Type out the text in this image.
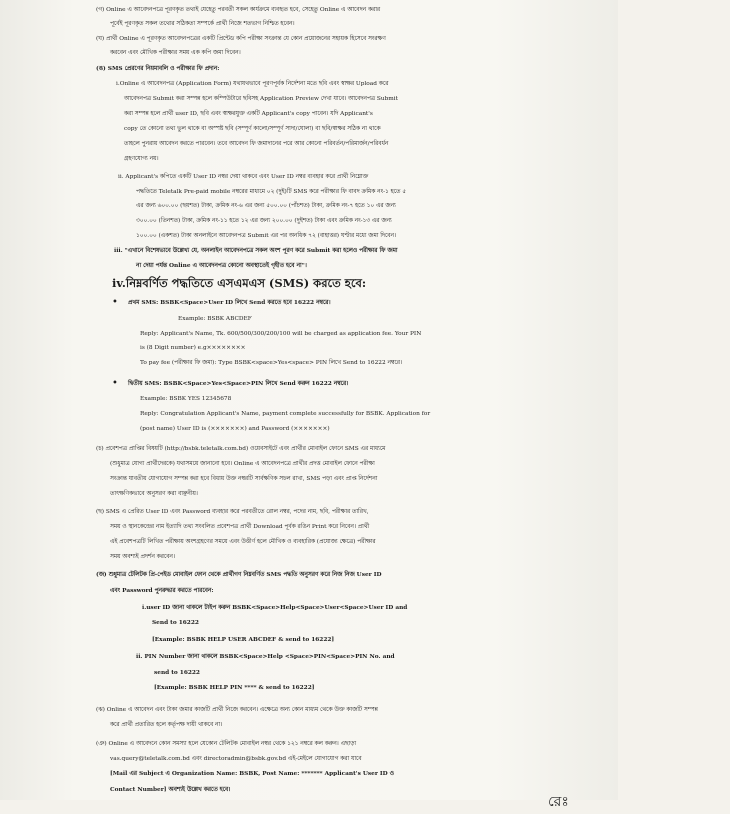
(গ) Online এ আবেদনপত্রে পূরণকৃত তথ্যই যেহেতু পরবর্তী সকল কার্যক্রমে ব্যবহৃত হবে, সেহেতু Online এ আবেদন করার
পূর্বেই পূরণকৃত সকল তথ্যের সঠিকতা সম্পর্কে প্রার্থী নিজে শতভাগ নিশ্চিত হবেন।
(ঘ) প্রার্থী Online এ পূরণকৃত আবেদনপত্রের একটি প্রিন্টেড কপি পরীক্ষা সংক্রান্ত যে কোন প্রয়োজনের সহায়ক হিসেবে সংরক্ষণ
করবেন এবং মৌখিক পরীক্ষার সময় এক কপি জমা দিবেন।
(ঙ) SMS প্রেরণের নিয়মাবলি ও পরীক্ষার ফি প্রদান:
i.Online এ আবেদনপত্র (Application Form) যথাযথভাবে পূরণপূর্বক নির্দেশনা মতে ছবি এবং স্বাক্ষর Upload করে
আবেদনপত্র Submit করা সম্পন্ন হলে কম্পিউটারে ছবিসহ Application Preview দেখা যাবে। আবেদনপত্র Submit
করা সম্পন্ন হলে প্রার্থী user ID, ছবি এবং স্বাক্ষরযুক্ত একটি Applicant's copy পাবেন। যদি Applicant's
copy তে কোনো তথ্য ভুল থাকে বা অস্পষ্ট ছবি (সম্পূর্ণ কালো/সম্পূর্ণ সাদা/ঘোলা) বা ছবি/স্বাক্ষর সঠিক না থাকে
তাহলে পুনরায় আবেদন করতে পারবেন। তবে আবেদন ফি জমাদানের পরে আর কোনো পরিবর্তন/পরিমার্জন/পরিবর্ধন
গ্রহণযোগ্য নয়।
ii. Applicant's কপিতে একটি User ID নম্বর দেয়া থাকবে এবং User ID নম্বর ব্যবহার করে প্রার্থী নিম্নোক্ত
পদ্ধতিতে Teletalk Pre-paid mobile নম্বরের মাধ্যমে ০২ (দুই)টি SMS করে পরীক্ষার ফি বাবদ ক্রমিক নং-১ হতে ৫
এর জন্য ৬০০.০০ (ছয়শত) টাকা, ক্রমিক নং-৬ এর জন্য ৫০০.০০ (পাঁচশত) টাকা, ক্রমিক নং-৭ হতে ১০ এর জন্য
৩০০.০০ (তিনশত) টাকা, ক্রমিক নং-১১ হতে ১২ এর জন্য ২০০.০০ (দুইশত) টাকা এবং ক্রমিক নং-১৩ এর জন্য
১০০.০০ (একশত) টাকা অনলাইনে আবেদনপত্র Submit এর পর অনধিক ৭২ (বাহাত্তর) ঘণ্টার মধ্যে জমা দিবেন।
iii. "এখানে বিশেষভাবে উল্লেখ্য যে, অনলাইন আবেদনপত্রে সকল অংশ পূরণ করে Submit করা হলেও পরীক্ষার ফি জমা
না দেয়া পর্যন্ত Online এ আবেদনপত্র কোনো অবস্থাতেই গৃহীত হবে না"।
প্রথম SMS: BSBK<Space>User ID লিখে Send করতে হবে 16222 নম্বরে।
Example: BSBK ABCDEF
Reply: Applicant's Name, Tk. 600/500/300/200/100 will be charged as application fee. Your PIN
is (8 Digit number) e.g××××××××
To pay fee (পরীক্ষার ফি জমা): Type BSBK<space>Yes<space> PIN লিখে Send to 16222 নম্বরে।
দ্বিতীয় SMS: BSBK<Space>Yes<Space>PIN লিখে Send করুন 16222 নম্বরে।
Example: BSBK YES 12345678
Reply: Congratulation Applicant's Name, payment complete successfully for BSBK. Application for
(post name) User ID is (×××××××) and Password (×××××××)
(চ) প্রবেশপত্র প্রাপ্তির বিষয়টি (http://bsbk.teletalk.com.bd) ওয়েবসাইটে এবং প্রার্থীর মোবাইল ফোনে SMS এর মাধ্যমে
(শুধুমাত্র যোগ্য প্রার্থীদেরকে) যথাসময়ে জানানো হবে। Online এ আবেদনপত্রে প্রার্থীর প্রদত্ত মোবাইল ফোনে পরীক্ষা
সংক্রান্ত যাবতীয় যোগাযোগ সম্পন্ন করা হবে বিধায় উক্ত নম্বরটি সার্বক্ষণিক সচল রাখা, SMS পড়া এবং প্রাপ্ত নির্দেশনা
তাৎক্ষণিকভাবে অনুসরণ করা বাঞ্ছনীয়।
(ছ) SMS এ প্রেরিত User ID এবং Password ব্যবহার করে পরবর্তীতে রোল নম্বর, পদের নাম, ছবি, পরীক্ষার তারিখ,
সময় ও স্থানকেন্দ্রের নাম ইত্যাদি তথ্য সংবলিত প্রবেশপত্র প্রার্থী Download পূর্বক রঙিন Print করে নিবেন। প্রার্থী
এই প্রবেশপত্রটি লিখিত পরীক্ষায় অংশগ্রহণের সময়ে এবং উত্তীর্ণ হলে মৌখিক ও ব্যবহারিক (প্রযোজ্য ক্ষেত্রে) পরীক্ষার
সময় অবশ্যই প্রদর্শন করবেন।
(জ) শুধুমাত্র টেলিটক প্রি-পেইড মোবাইল ফোন থেকে প্রার্থীগণ নিম্নবর্ণিত SMS পদ্ধতি অনুসরণ করে নিজ নিজ User ID
এবং Password পুনরুদ্ধার করতে পারবেন:
i.user ID জানা থাকলে টাইপ করুন BSBK<Space>Help<Space>User<Space>User ID and
Send to 16222
[Example: BSBK HELP USER ABCDEF & send to 16222]
ii. PIN Number জানা থাকলে BSBK<Space>Help <Space>PIN<Space>PIN No. and
send to 16222
[Example: BSBK HELP PIN **** & send to 16222]
(ঝ) Online এ আবেদন এবং টাকা জমার কাজটি প্রার্থী নিজে করবেন। এক্ষেত্রে অন্য কোন মাধ্যম থেকে উক্ত কাজটি সম্পন্ন
করে প্রার্থী প্রতারিত হলে কর্তৃপক্ষ দায়ী থাকবে না।
(ঞ) Online এ আবেদনে কোন সমস্যা হলে যেকোন টেলিটক মোবাইল নম্বর থেকে ১২১ নম্বরে কল করুন। এছাড়া
vas.query@teletalk.com.bd এবং directoradmin@bsbk.gov.bd এই-মেইলে যোগাযোগ করা যাবে
[Mail এর Subject এ Organization Name: BSBK, Post Name: ******* Applicant's User ID ও
Contact Number] অবশ্যই উল্লেখ করতে হবে।
iv.নিম্নবর্ণিত পদ্ধতিতে এসএমএস (SMS) করতে হবে:
•
•
রেঃ
